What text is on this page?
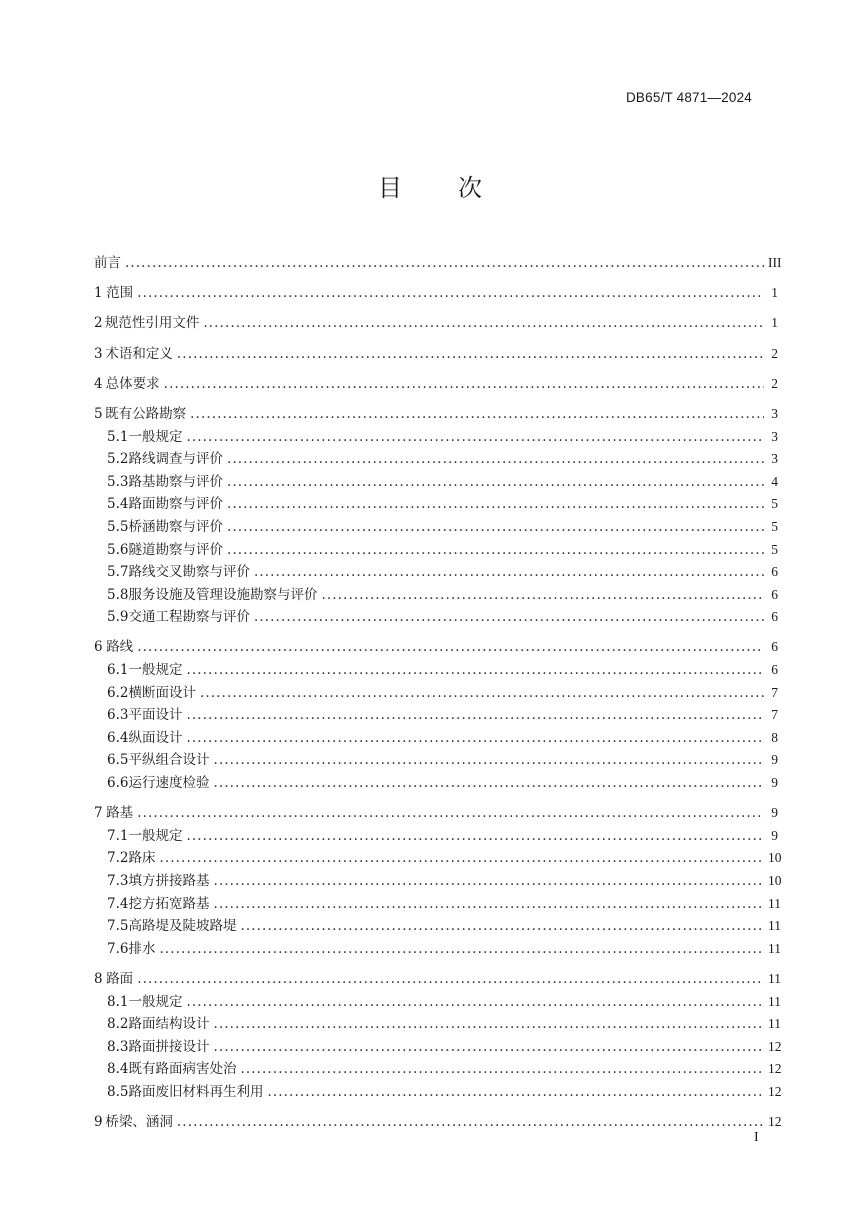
DB65/T 4871—2024
目次
前言 .....	III
1 范围 .....	1
2 规范性引用文件 .....	1
3 术语和定义 .....	2
4 总体要求 .....	2
5 既有公路勘察 .....	3
5.1 一般规定 .....	3
5.2 路线调查与评价 .....	3
5.3 路基勘察与评价 .....	4
5.4 路面勘察与评价 .....	5
5.5 桥涵勘察与评价 .....	5
5.6 隧道勘察与评价 .....	5
5.7 路线交叉勘察与评价 .....	6
5.8 服务设施及管理设施勘察与评价 .....	6
5.9 交通工程勘察与评价 .....	6
6 路线 .....	6
6.1 一般规定 .....	6
6.2 横断面设计 .....	7
6.3 平面设计 .....	7
6.4 纵面设计 .....	8
6.5 平纵组合设计 .....	9
6.6 运行速度检验 .....	9
7 路基 .....	9
7.1 一般规定 .....	9
7.2 路床 .....	10
7.3 填方拼接路基 .....	10
7.4 挖方拓宽路基 .....	11
7.5 高路堤及陡坡路堤 .....	11
7.6 排水 .....	11
8 路面 .....	11
8.1 一般规定 .....	11
8.2 路面结构设计 .....	11
8.3 路面拼接设计 .....	12
8.4 既有路面病害处治 .....	12
8.5 路面废旧材料再生利用 .....	12
9 桥梁、涵洞 .....	12
I
